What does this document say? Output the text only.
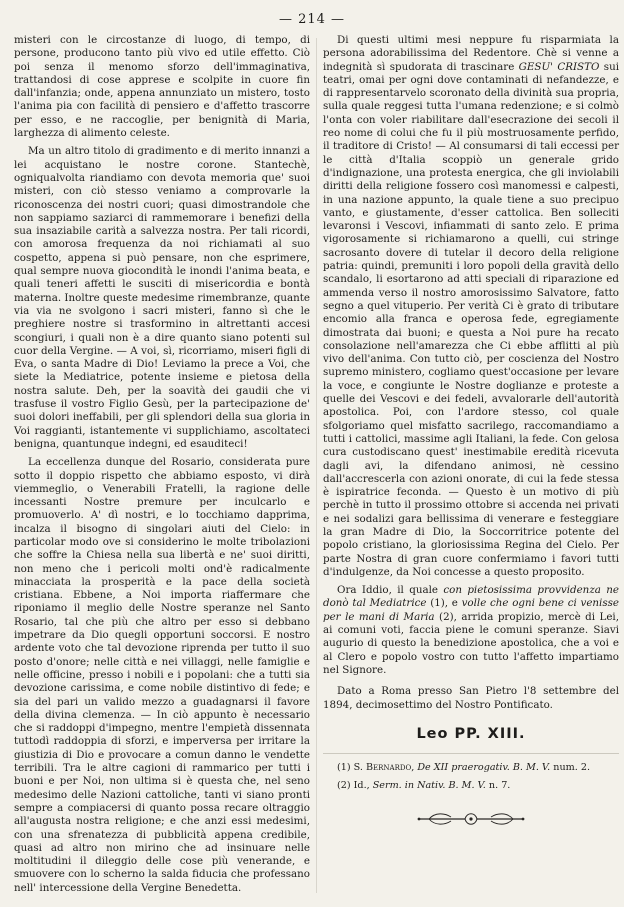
— 214 —

misteri con le circostanze di luogo, di tempo, di persone, producono tanto più vivo ed utile effetto. Ciò poi senza il menomo sforzo dell'immaginativa, trattandosi di cose apprese e scolpite in cuore fin dall'infanzia; onde, appena annunziato un mistero, tosto l'anima pia con facilità di pensiero e d'affetto trascorre per esso, e ne raccoglie, per benignità di Maria, larghezza di alimento celeste.

Ma un altro titolo di gradimento e di merito innanzi a lei acquistano le nostre corone. Stantechè, ogniqualvolta riandiamo con devota memoria que' suoi misteri, con ciò stesso veniamo a comprovarle la riconoscenza dei nostri cuori; quasi dimostrandole che non sappiamo saziarci di rammemorare i benefizi della sua insaziabile carità a salvezza nostra. Per tali ricordi, con amorosa frequenza da noi richiamati al suo cospetto, appena si può pensare, non che esprimere, qual sempre nuova giocondità le inondi l'anima beata, e quali teneri affetti le susciti di misericordia e bontà materna. Inoltre queste medesime rimembranze, quante via via ne svolgono i sacri misteri, fanno sì che le preghiere nostre si trasformino in altrettanti accesi scongiuri, i quali non è a dire quanto siano potenti sul cuor della Vergine. — A voi, sì, ricorriamo, miseri figli di Eva, o santa Madre di Dio! Leviamo la prece a Voi, che siete la Mediatrice, potente insieme e pietosa della nostra salute. Deh, per la soavità dei gaudii che vi trasfuse il vostro Figlio Gesù, per la partecipazione de' suoi dolori ineffabili, per gli splendori della sua gloria in Voi raggianti, istantemente vi supplichiamo, ascoltateci benigna, quantunque indegni, ed esauditeci!

La eccellenza dunque del Rosario, considerata pure sotto il doppio rispetto che abbiamo esposto, vi dirà viemmeglio, o Venerabili Fratelli, la ragione delle incessanti Nostre premure per inculcarlo e promuoverlo. A' dì nostri, e lo tocchiamo dapprima, incalza il bisogno di singolari aiuti del Cielo: in particolar modo ove si considerino le molte tribolazioni che soffre la Chiesa nella sua libertà e ne' suoi diritti, non meno che i pericoli molti ond'è radicalmente minacciata la prosperità e la pace della società cristiana. Ebbene, a Noi importa riaffermare che riponiamo il meglio delle Nostre speranze nel Santo Rosario, tal che più che altro per esso si debbano impetrare da Dio quegli opportuni soccorsi. E nostro ardente voto che tal devozione riprenda per tutto il suo posto d'onore; nelle città e nei villaggi, nelle famiglie e nelle officine, presso i nobili e i popolani: che a tutti sia devozione carissima, e come nobile distintivo di fede; e sia del pari un valido mezzo a guadagnarsi il favore della divina clemenza. — In ciò appunto è necessario che si raddoppi d'impegno, mentre l'empietà dissennata tuttodì raddoppia di sforzi, e imperversa per irritare la giustizia di Dio e provocare a comun danno le vendette terribili. Tra le altre cagioni di rammarico per tutti i buoni e per Noi, non ultima si è questa che, nel seno medesimo delle Nazioni cattoliche, tanti vi siano pronti sempre a compiacersi di quanto possa recare oltraggio all'augusta nostra religione; e che anzi essi medesimi, con una sfrenatezza di pubblicità appena credibile, quasi ad altro non mirino che ad insinuare nelle moltitudini il dileggio delle cose più venerande, e smuovere con lo scherno la salda fiducia che professano nell' intercessione della Vergine Benedetta.

Di questi ultimi mesi neppure fu risparmiata la persona adorabilissima del Redentore. Chè si venne a indegnità sì spudorata di trascinare GESU' CRISTO sui teatri, omai per ogni dove contaminati di nefandezze, e di rappresentarvelo scoronato della divinità sua propria, sulla quale reggesi tutta l'umana redenzione; e si colmò l'onta con voler riabilitare dall'esecrazione dei secoli il reo nome di colui che fu il più mostruosamente perfido, il traditore di Cristo! — Al consumarsi di tali eccessi per le città d'Italia scoppiò un generale grido d'indignazione, una protesta energica, che gli inviolabili diritti della religione fossero così manomessi e calpesti, in una nazione appunto, la quale tiene a suo precipuo vanto, e giustamente, d'esser cattolica. Ben solleciti levaronsi i Vescovi, infiammati di santo zelo. E prima vigorosamente si richiamarono a quelli, cui stringe sacrosanto dovere di tutelar il decoro della religione patria: quindi, premuniti i loro popoli della gravità dello scandalo, li esortarono ad atti speciali di riparazione ed ammenda verso il nostro amorosissimo Salvatore, fatto segno a quel vituperio. Per verità Ci è grato di tributare encomio alla franca e operosa fede, egregiamente dimostrata dai buoni; e questa a Noi pure ha recato consolazione nell'amarezza che Ci ebbe afflitti al più vivo dell'anima. Con tutto ciò, per coscienza del Nostro supremo ministero, cogliamo quest'occasione per levare la voce, e congiunte le Nostre doglianze e proteste a quelle dei Vescovi e dei fedeli, avvalorarle dell'autorità apostolica. Poi, con l'ardore stesso, col quale sfolgoriamo quel misfatto sacrilego, raccomandiamo a tutti i cattolici, massime agli Italiani, la fede. Con gelosa cura custodiscano quest' inestimabile eredità ricevuta dagli avi, la difendano animosi, nè cessino dall'accrescerla con azioni onorate, di cui la fede stessa è ispiratrice feconda. — Questo è un motivo di più perchè in tutto il prossimo ottobre si accenda nei privati e nei sodalizi gara bellissima di venerare e festeggiare la gran Madre di Dio, la Soccorritrice potente del popolo cristiano, la gloriosissima Regina del Cielo. Per parte Nostra di gran cuore confermiamo i favori tutti d'indulgenze, da Noi concesse a questo proposito.

Ora Iddio, il quale con pietosissima provvidenza ne donò tal Mediatrice (1), e volle che ogni bene ci venisse per le mani di Maria (2), arrida propizio, mercè di Lei, ai comuni voti, faccia piene le comuni speranze. Siavi augurio di questo la benedizione apostolica, che a voi e al Clero e popolo vostro con tutto l'affetto impartiamo nel Signore.

Dato a Roma presso San Pietro l'8 settembre del 1894, decimosettimo del Nostro Pontificato.

Leo PP. XIII.

(1) S. Bernardo, De XII praerogativ. B. M. V. num. 2.

(2) Id., Serm. in Nativ. B. M. V. n. 7.
